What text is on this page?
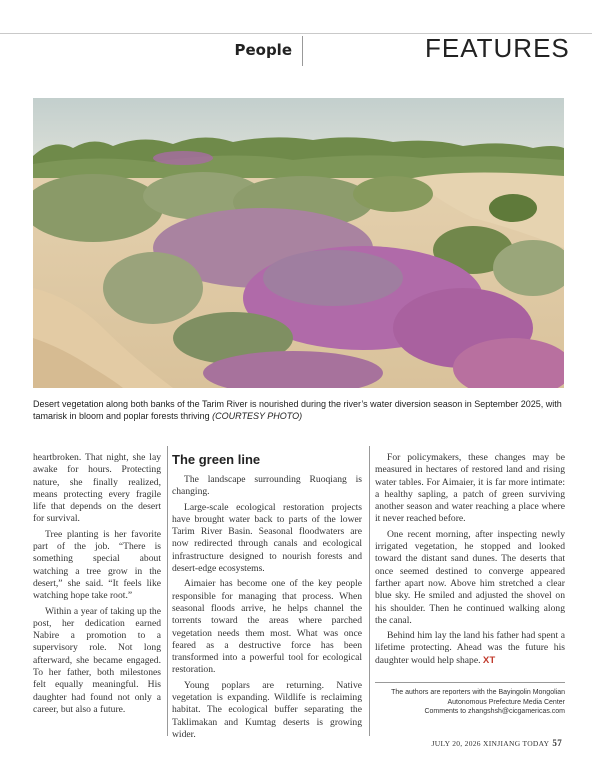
People	FEATURES
Desert vegetation along both banks of the Tarim River is nourished during the river’s water diversion season in September 2025, with tamarisk in bloom and poplar forests thriving (COURTESY PHOTO)

heartbroken. That night, she lay awake for hours. Protecting nature, she finally realized, means protecting every fragile life that depends on the desert for survival.

Tree planting is her favorite part of the job. “There is something special about watching a tree grow in the desert,” she said. “It feels like watching hope take root.”

Within a year of taking up the post, her dedication earned Nabire a promotion to a supervisory role. Not long afterward, she became engaged. To her father, both milestones felt equally meaningful. His daughter had found not only a career, but also a future.

The green line

The landscape surrounding Ruoqiang is changing.

Large-scale ecological restoration projects have brought water back to parts of the lower Tarim River Basin. Seasonal floodwaters are now redirected through canals and ecological infrastructure designed to nourish forests and desert-edge ecosystems.

Aimaier has become one of the key people responsible for managing that process. When seasonal floods arrive, he helps channel the torrents toward the areas where parched vegetation needs them most. What was once feared as a destructive force has been transformed into a powerful tool for ecological restoration.

Young poplars are returning. Native vegetation is expanding. Wildlife is reclaiming habitat. The ecological buffer separating the Taklimakan and Kumtag deserts is growing wider.

For policymakers, these changes may be measured in hectares of restored land and rising water tables. For Aimaier, it is far more intimate: a healthy sapling, a patch of green surviving another season and water reaching a place where it never reached before.

One recent morning, after inspecting newly irrigated vegetation, he stopped and looked toward the distant sand dunes. The deserts that once seemed destined to converge appeared farther apart now. Above him stretched a clear blue sky. He smiled and adjusted the shovel on his shoulder. Then he continued walking along the canal.

Behind him lay the land his father had spent a lifetime protecting. Ahead was the future his daughter would help shape. XT

The authors are reporters with the Bayingolin Mongolian
Autonomous Prefecture Media Center
Comments to zhangshsh@cicgamericas.com
JULY 20, 2026 XINJIANG TODAY 57
